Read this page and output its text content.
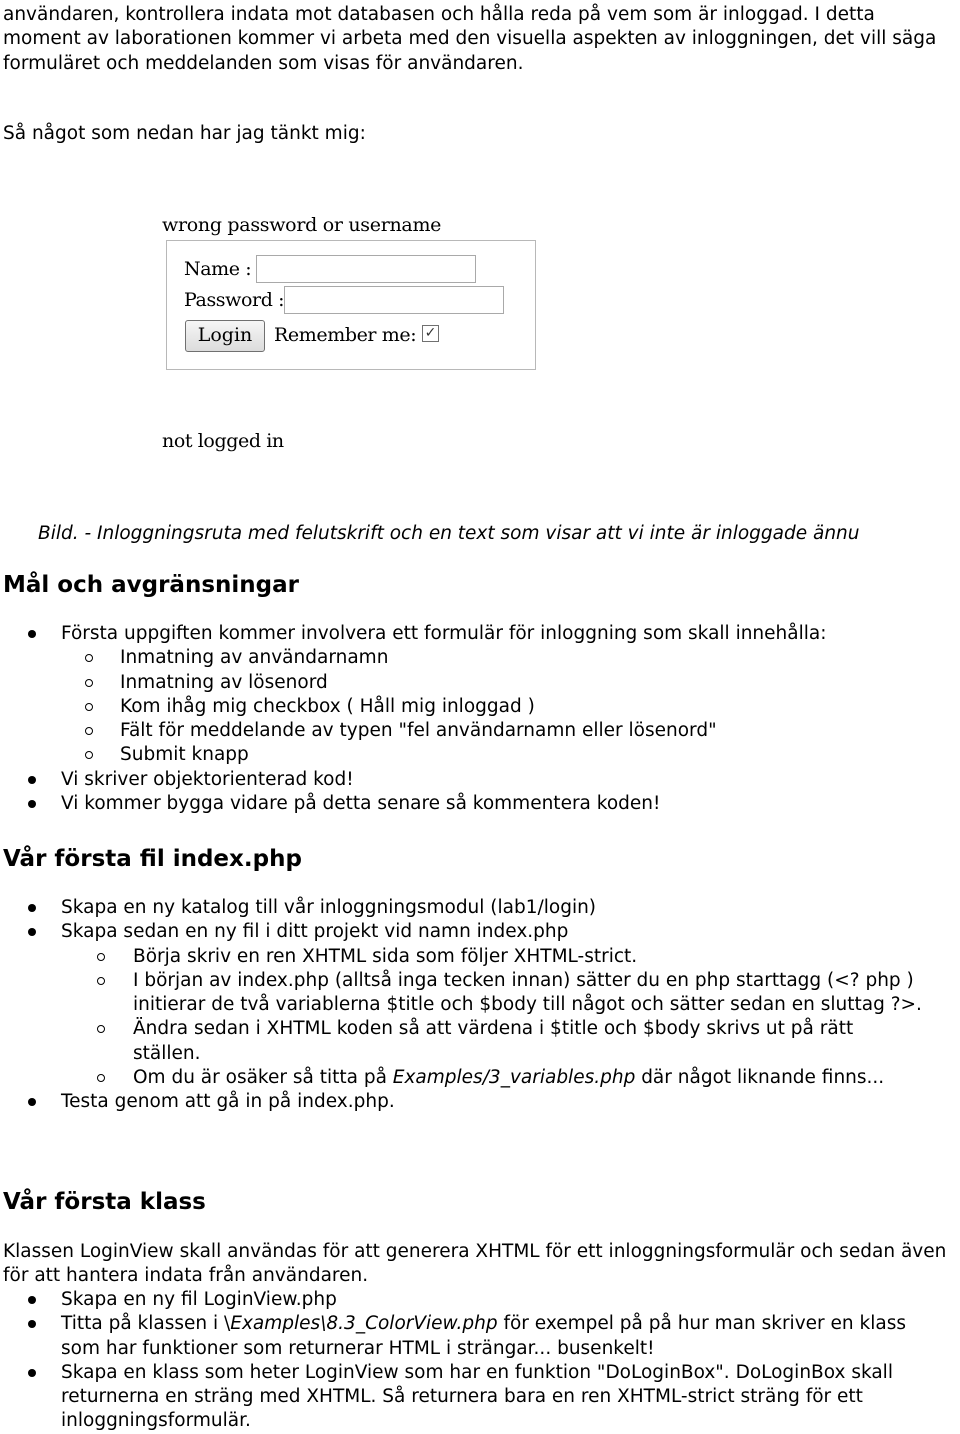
användaren, kontrollera indata mot databasen och hålla reda på vem som är inloggad. I detta moment av laborationen kommer vi arbeta med den visuella aspekten av inloggningen, det vill säga formuläret och meddelanden som visas för användaren.

Så något som nedan har jag tänkt mig:

wrong password or username
Name :
Password :
Login	Remember me: ✓
not logged in
Bild. - Inloggningsruta med felutskrift och en text som visar att vi inte är inloggade ännu
Mål och avgränsningar
Första uppgiften kommer involvera ett formulär för inloggning som skall innehålla:
Inmatning av användarnamn
Inmatning av lösenord
Kom ihåg mig checkbox ( Håll mig inloggad )
Fält för meddelande av typen "fel användarnamn eller lösenord"
Submit knapp
Vi skriver objektorienterad kod!
Vi kommer bygga vidare på detta senare så kommentera koden!
Vår första fil index.php
Skapa en ny katalog till vår inloggningsmodul (lab1/login)
Skapa sedan en ny fil i ditt projekt vid namn index.php
Börja skriv en ren XHTML sida som följer XHTML-strict.
I början av index.php (alltså inga tecken innan) sätter du en php starttagg (<? php ) initierar de två variablerna $title och $body till något och sätter sedan en sluttag ?>.
Ändra sedan i XHTML koden så att värdena i $title och $body skrivs ut på rätt ställen.
Om du är osäker så titta på Examples/3_variables.php där något liknande finns...
Testa genom att gå in på index.php.
Vår första klass

Klassen LoginView skall användas för att generera XHTML för ett inloggningsformulär och sedan även för att hantera indata från användaren.

Skapa en ny fil LoginView.php
Titta på klassen i \Examples\8.3_ColorView.php för exempel på på hur man skriver en klass som har funktioner som returnerar HTML i strängar... busenkelt!
Skapa en klass som heter LoginView som har en funktion "DoLoginBox". DoLoginBox skall returnerna en sträng med XHTML. Så returnera bara en ren XHTML-strict sträng för ett inloggningsformulär.
